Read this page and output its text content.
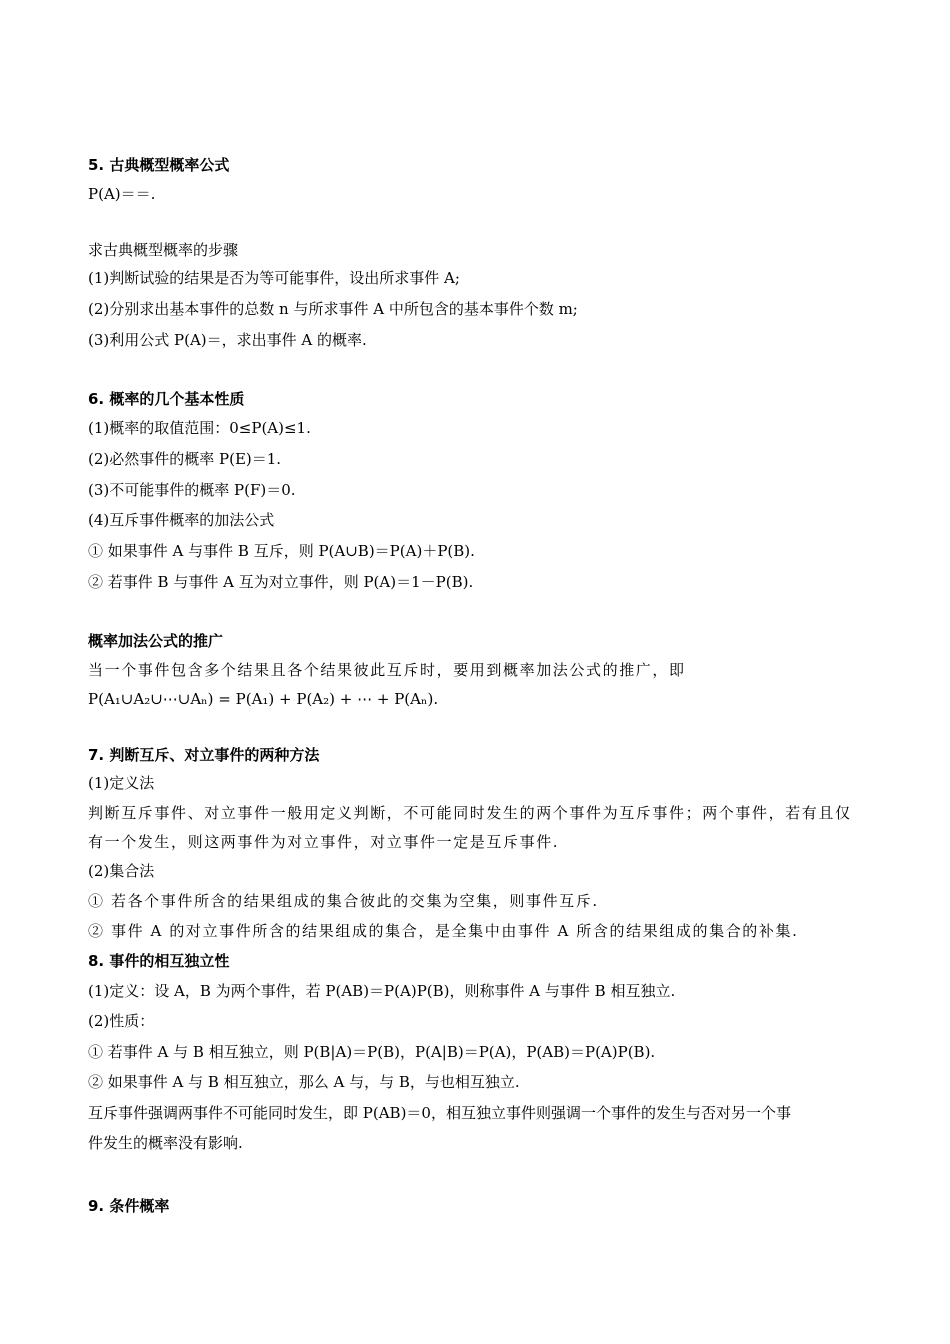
5. 古典概型概率公式
P(A)＝＝.
求古典概型概率的步骤
(1)判断试验的结果是否为等可能事件，设出所求事件 A;
(2)分别求出基本事件的总数 n 与所求事件 A 中所包含的基本事件个数 m;
(3)利用公式 P(A)＝，求出事件 A 的概率.
6. 概率的几个基本性质
(1)概率的取值范围：0≤P(A)≤1.
(2)必然事件的概率 P(E)＝1.
(3)不可能事件的概率 P(F)＝0.
(4)互斥事件概率的加法公式
① 如果事件 A 与事件 B 互斥，则 P(A∪B)＝P(A)＋P(B).
② 若事件 B 与事件 A 互为对立事件，则 P(A)＝1－P(B).
概率加法公式的推广
当一个事件包含多个结果且各个结果彼此互斥时，要用到概率加法公式的推广，即
P(A₁∪A₂∪⋯∪Aₙ) = P(A₁) + P(A₂) + ⋯ + P(Aₙ).
7. 判断互斥、对立事件的两种方法
(1)定义法
判断互斥事件、对立事件一般用定义判断，不可能同时发生的两个事件为互斥事件；两个事件，若有且仅
有一个发生，则这两事件为对立事件，对立事件一定是互斥事件.
(2)集合法
① 若各个事件所含的结果组成的集合彼此的交集为空集，则事件互斥.
② 事件 A 的对立事件所含的结果组成的集合，是全集中由事件 A 所含的结果组成的集合的补集.
8. 事件的相互独立性
(1)定义：设 A，B 为两个事件，若 P(AB)＝P(A)P(B)，则称事件 A 与事件 B 相互独立.
(2)性质：
① 若事件 A 与 B 相互独立，则 P(B|A)＝P(B)，P(A|B)＝P(A)，P(AB)＝P(A)P(B).
② 如果事件 A 与 B 相互独立，那么 A 与，与 B，与也相互独立.
互斥事件强调两事件不可能同时发生，即 P(AB)＝0，相互独立事件则强调一个事件的发生与否对另一个事
件发生的概率没有影响.
9. 条件概率
